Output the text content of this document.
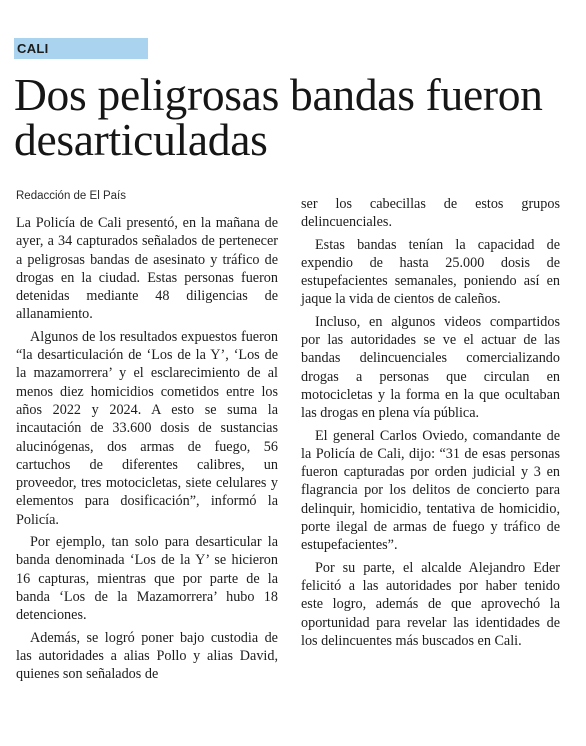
CALI
Dos peligrosas bandas fueron desarticuladas
Redacción de El País

La Policía de Cali presentó, en la mañana de ayer, a 34 capturados señalados de pertenecer a peligrosas bandas de asesinato y tráfico de drogas en la ciudad. Estas personas fueron detenidas mediante 48 diligencias de allanamiento.

Algunos de los resultados expuestos fueron “la desarticulación de ‘Los de la Y’, ‘Los de la mazamorrera’ y el esclarecimiento de al menos diez homicidios cometidos entre los años 2022 y 2024. A esto se suma la incautación de 33.600 dosis de sustancias alucinógenas, dos armas de fuego, 56 cartuchos de diferentes calibres, un proveedor, tres motocicletas, siete celulares y elementos para dosificación”, informó la Policía.

Por ejemplo, tan solo para desarticular la banda denominada ‘Los de la Y’ se hicieron 16 capturas, mientras que por parte de la banda ‘Los de la Mazamorrera’ hubo 18 detenciones.

Además, se logró poner bajo custodia de las autoridades a alias Pollo y alias David, quienes son señalados de

ser los cabecillas de estos grupos delincuenciales.

Estas bandas tenían la capacidad de expendio de hasta 25.000 dosis de estupefacientes semanales, poniendo así en jaque la vida de cientos de caleños.

Incluso, en algunos videos compartidos por las autoridades se ve el actuar de las bandas delincuenciales comercializando drogas a personas que circulan en motocicletas y la forma en la que ocultaban las drogas en plena vía pública.

El general Carlos Oviedo, comandante de la Policía de Cali, dijo: “31 de esas personas fueron capturadas por orden judicial y 3 en flagrancia por los delitos de concierto para delinquir, homicidio, tentativa de homicidio, porte ilegal de armas de fuego y tráfico de estupefacientes”.

Por su parte, el alcalde Alejandro Eder felicitó a las autoridades por haber tenido este logro, además de que aprovechó la oportunidad para revelar las identidades de los delincuentes más buscados en Cali.
